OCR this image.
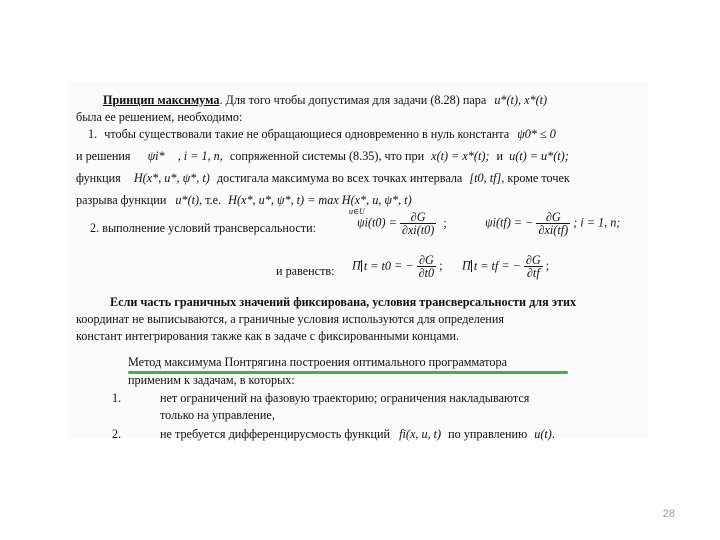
Принцип максимума. Для того чтобы допустимая для задачи (8.28) пара u*(t), x*(t)
была ее решением, необходимо:
1. чтобы существовали такие не обращающиеся одновременно в нуль константа ψ0* ≤ 0
и решения ψi* , i = 1, n, сопряженной системы (8.35), что при x(t) = x*(t); и u(t) = u*(t);
функция H(x*, u*, ψ*, t) достигала максимума во всех точках интервала [t0, tf], кроме точек
разрыва функции u*(t), т.е. H(x*, u*, ψ*, t) = max H(x*, u, ψ*, t)
u∈U
2. выполнение условий трансверсальности:	$\psi i(t0) = \frac{\partial G}{\partial xi(t0)}$ ;	ψi(tf) = − $\frac{\partial G}{\partial xi(tf)}$ ; i = 1, n;
и равенств: П t = t0 = − $\frac{\partial G}{\partial t0}$ ; П t = tf = − $\frac{\partial G}{\partial tf}$ ;
Если часть граничных значений фиксирована, условия трансверсальности для этих
координат не выписываются, а граничные условия используются для определения
констант интегрирования также как в задаче с фиксированными концами.
Метод максимума Понтрягина построения оптимального программатора
применим к задачам, в которых:
1.	нет ограничений на фазовую траекторию; ограничения накладываются
только на управление,
2.	не требуется дифференцирусмость функций fi(x, u, t) по управлению u(t).
28
